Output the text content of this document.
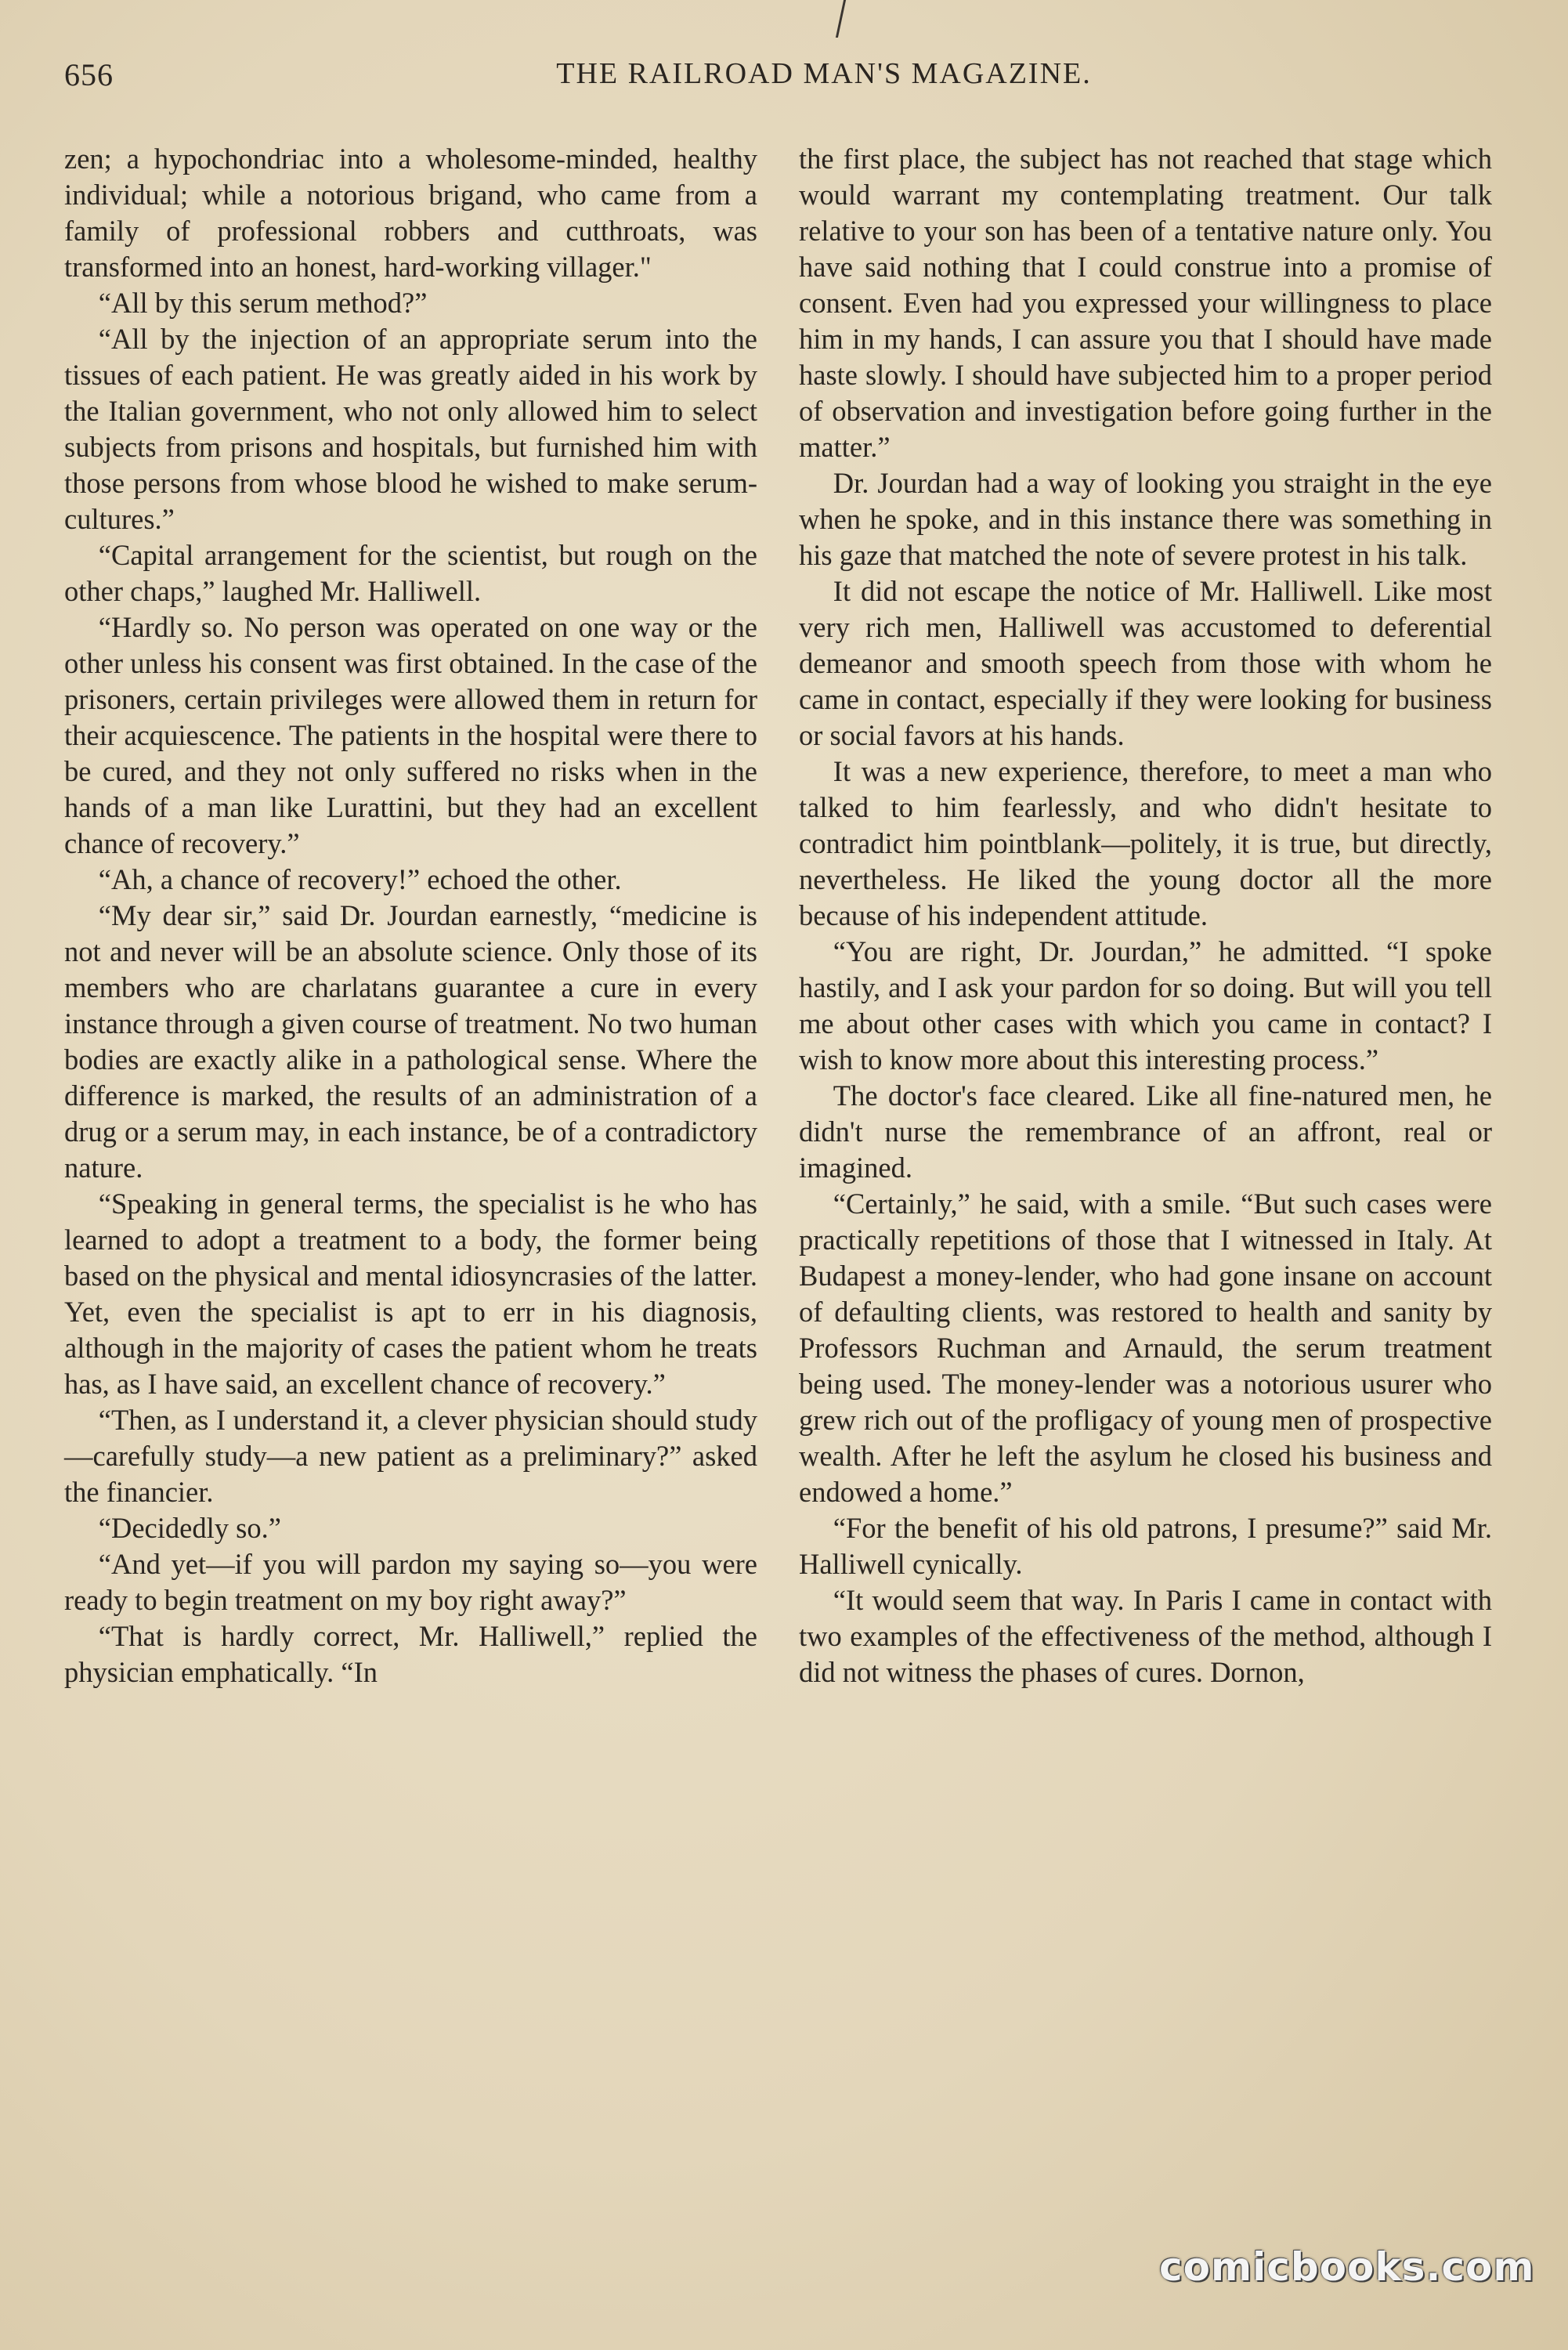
656	THE RAILROAD MAN'S MAGAZINE.

zen; a hypochondriac into a wholesome-minded, healthy individual; while a notorious brigand, who came from a family of professional robbers and cutthroats, was transformed into an honest, hard-working villager."

“All by this serum method?”

“All by the injection of an appropriate serum into the tissues of each patient. He was greatly aided in his work by the Italian government, who not only allowed him to select subjects from prisons and hospitals, but furnished him with those persons from whose blood he wished to make serum-cultures.”

“Capital arrangement for the scientist, but rough on the other chaps,” laughed Mr. Halliwell.

“Hardly so. No person was operated on one way or the other unless his consent was first obtained. In the case of the prisoners, certain privileges were allowed them in return for their acquiescence. The patients in the hospital were there to be cured, and they not only suffered no risks when in the hands of a man like Lurattini, but they had an excellent chance of recovery.”

“Ah, a chance of recovery!” echoed the other.

“My dear sir,” said Dr. Jourdan earnestly, “medicine is not and never will be an absolute science. Only those of its members who are charlatans guarantee a cure in every instance through a given course of treatment. No two human bodies are exactly alike in a pathological sense. Where the difference is marked, the results of an administration of a drug or a serum may, in each instance, be of a contradictory nature.

“Speaking in general terms, the specialist is he who has learned to adopt a treatment to a body, the former being based on the physical and mental idiosyncrasies of the latter. Yet, even the specialist is apt to err in his diagnosis, although in the majority of cases the patient whom he treats has, as I have said, an excellent chance of recovery.”

“Then, as I understand it, a clever physician should study—carefully study—a new patient as a preliminary?” asked the financier.

“Decidedly so.”

“And yet—if you will pardon my saying so—you were ready to begin treatment on my boy right away?”

“That is hardly correct, Mr. Halliwell,” replied the physician emphatically. “In

the first place, the subject has not reached that stage which would warrant my contemplating treatment. Our talk relative to your son has been of a tentative nature only. You have said nothing that I could construe into a promise of consent. Even had you expressed your willingness to place him in my hands, I can assure you that I should have made haste slowly. I should have subjected him to a proper period of observation and investigation before going further in the matter.”

Dr. Jourdan had a way of looking you straight in the eye when he spoke, and in this instance there was something in his gaze that matched the note of severe protest in his talk.

It did not escape the notice of Mr. Halliwell. Like most very rich men, Halliwell was accustomed to deferential demeanor and smooth speech from those with whom he came in contact, especially if they were looking for business or social favors at his hands.

It was a new experience, therefore, to meet a man who talked to him fearlessly, and who didn't hesitate to contradict him pointblank—politely, it is true, but directly, nevertheless. He liked the young doctor all the more because of his independent attitude.

“You are right, Dr. Jourdan,” he admitted. “I spoke hastily, and I ask your pardon for so doing. But will you tell me about other cases with which you came in contact? I wish to know more about this interesting process.”

The doctor's face cleared. Like all fine-natured men, he didn't nurse the remembrance of an affront, real or imagined.

“Certainly,” he said, with a smile. “But such cases were practically repetitions of those that I witnessed in Italy. At Budapest a money-lender, who had gone insane on account of defaulting clients, was restored to health and sanity by Professors Ruchman and Arnauld, the serum treatment being used. The money-lender was a notorious usurer who grew rich out of the profligacy of young men of prospective wealth. After he left the asylum he closed his business and endowed a home.”

“For the benefit of his old patrons, I presume?” said Mr. Halliwell cynically.

“It would seem that way. In Paris I came in contact with two examples of the effectiveness of the method, although I did not witness the phases of cures. Dornon,

comicbooks.com
